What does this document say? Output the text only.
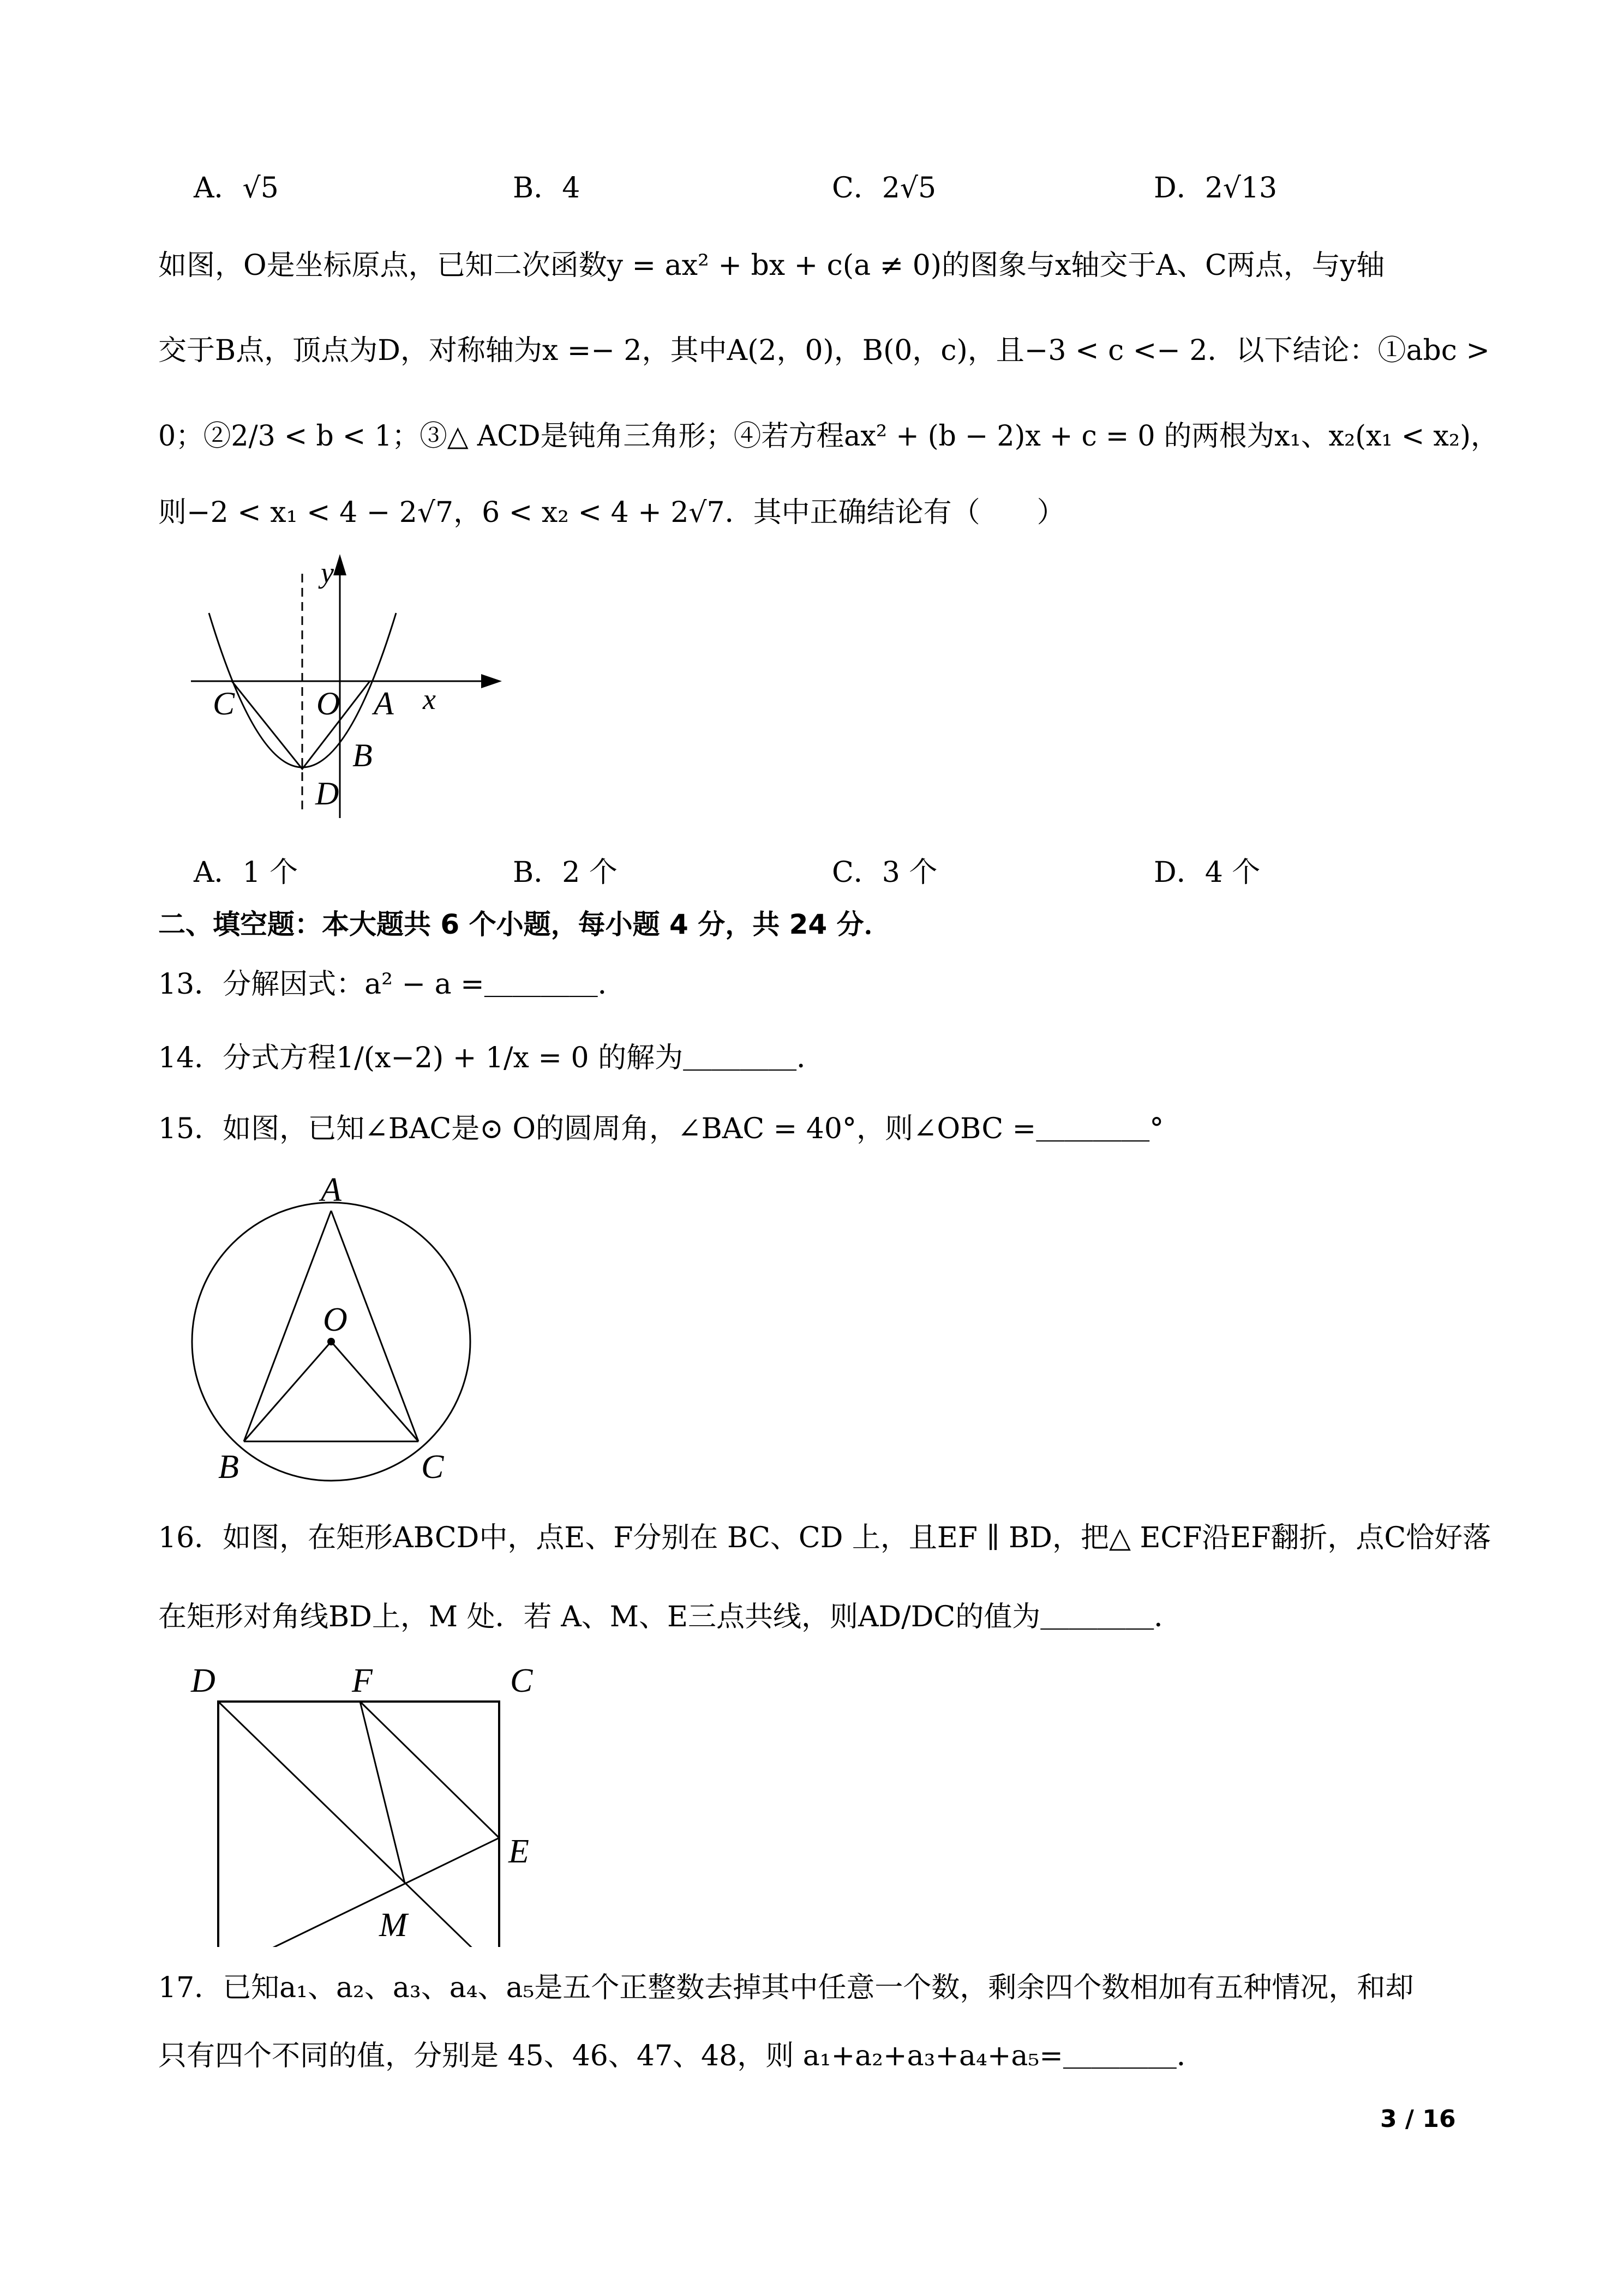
A．√5	B．4	C．2√5	D．2√13
如图，O是坐标原点，已知二次函数y = ax² + bx + c(a ≠ 0)的图象与x轴交于A、C两点，与y轴
交于B点，顶点为D，对称轴为x =− 2，其中A(2，0)，B(0，c)，且−3 < c <− 2．以下结论：①abc >
0；②2/3 < b < 1；③△ ACD是钝角三角形；④若方程ax² + (b − 2)x + c = 0 的两根为x₁、x₂(x₁ < x₂)，
则−2 < x₁ < 4 − 2√7，6 < x₂ < 4 + 2√7．其中正确结论有（　　）
y
x
C O A
B
D
A．1 个	B．2 个	C．3 个	D．4 个
二、填空题：本大题共 6 个小题，每小题 4 分，共 24 分．
13．分解因式：a² − a =＿＿＿＿．
14．分式方程1/(x−2) + 1/x = 0 的解为＿＿＿＿．
15．如图，已知∠BAC是⊙ O的圆周角，∠BAC = 40°，则∠OBC =＿＿＿＿°
A
O
B	C
16．如图，在矩形ABCD中，点E、F分别在 BC、CD 上，且EF ∥ BD，把△ ECF沿EF翻折，点C恰好落
在矩形对角线BD上，M 处．若 A、M、E三点共线，则AD/DC的值为＿＿＿＿．
D	F	C
E
M
17．已知a₁、a₂、a₃、a₄、a₅是五个正整数去掉其中任意一个数，剩余四个数相加有五种情况，和却
只有四个不同的值，分别是 45、46、47、48，则 a₁+a₂+a₃+a₄+a₅=＿＿＿＿．
3 / 16
